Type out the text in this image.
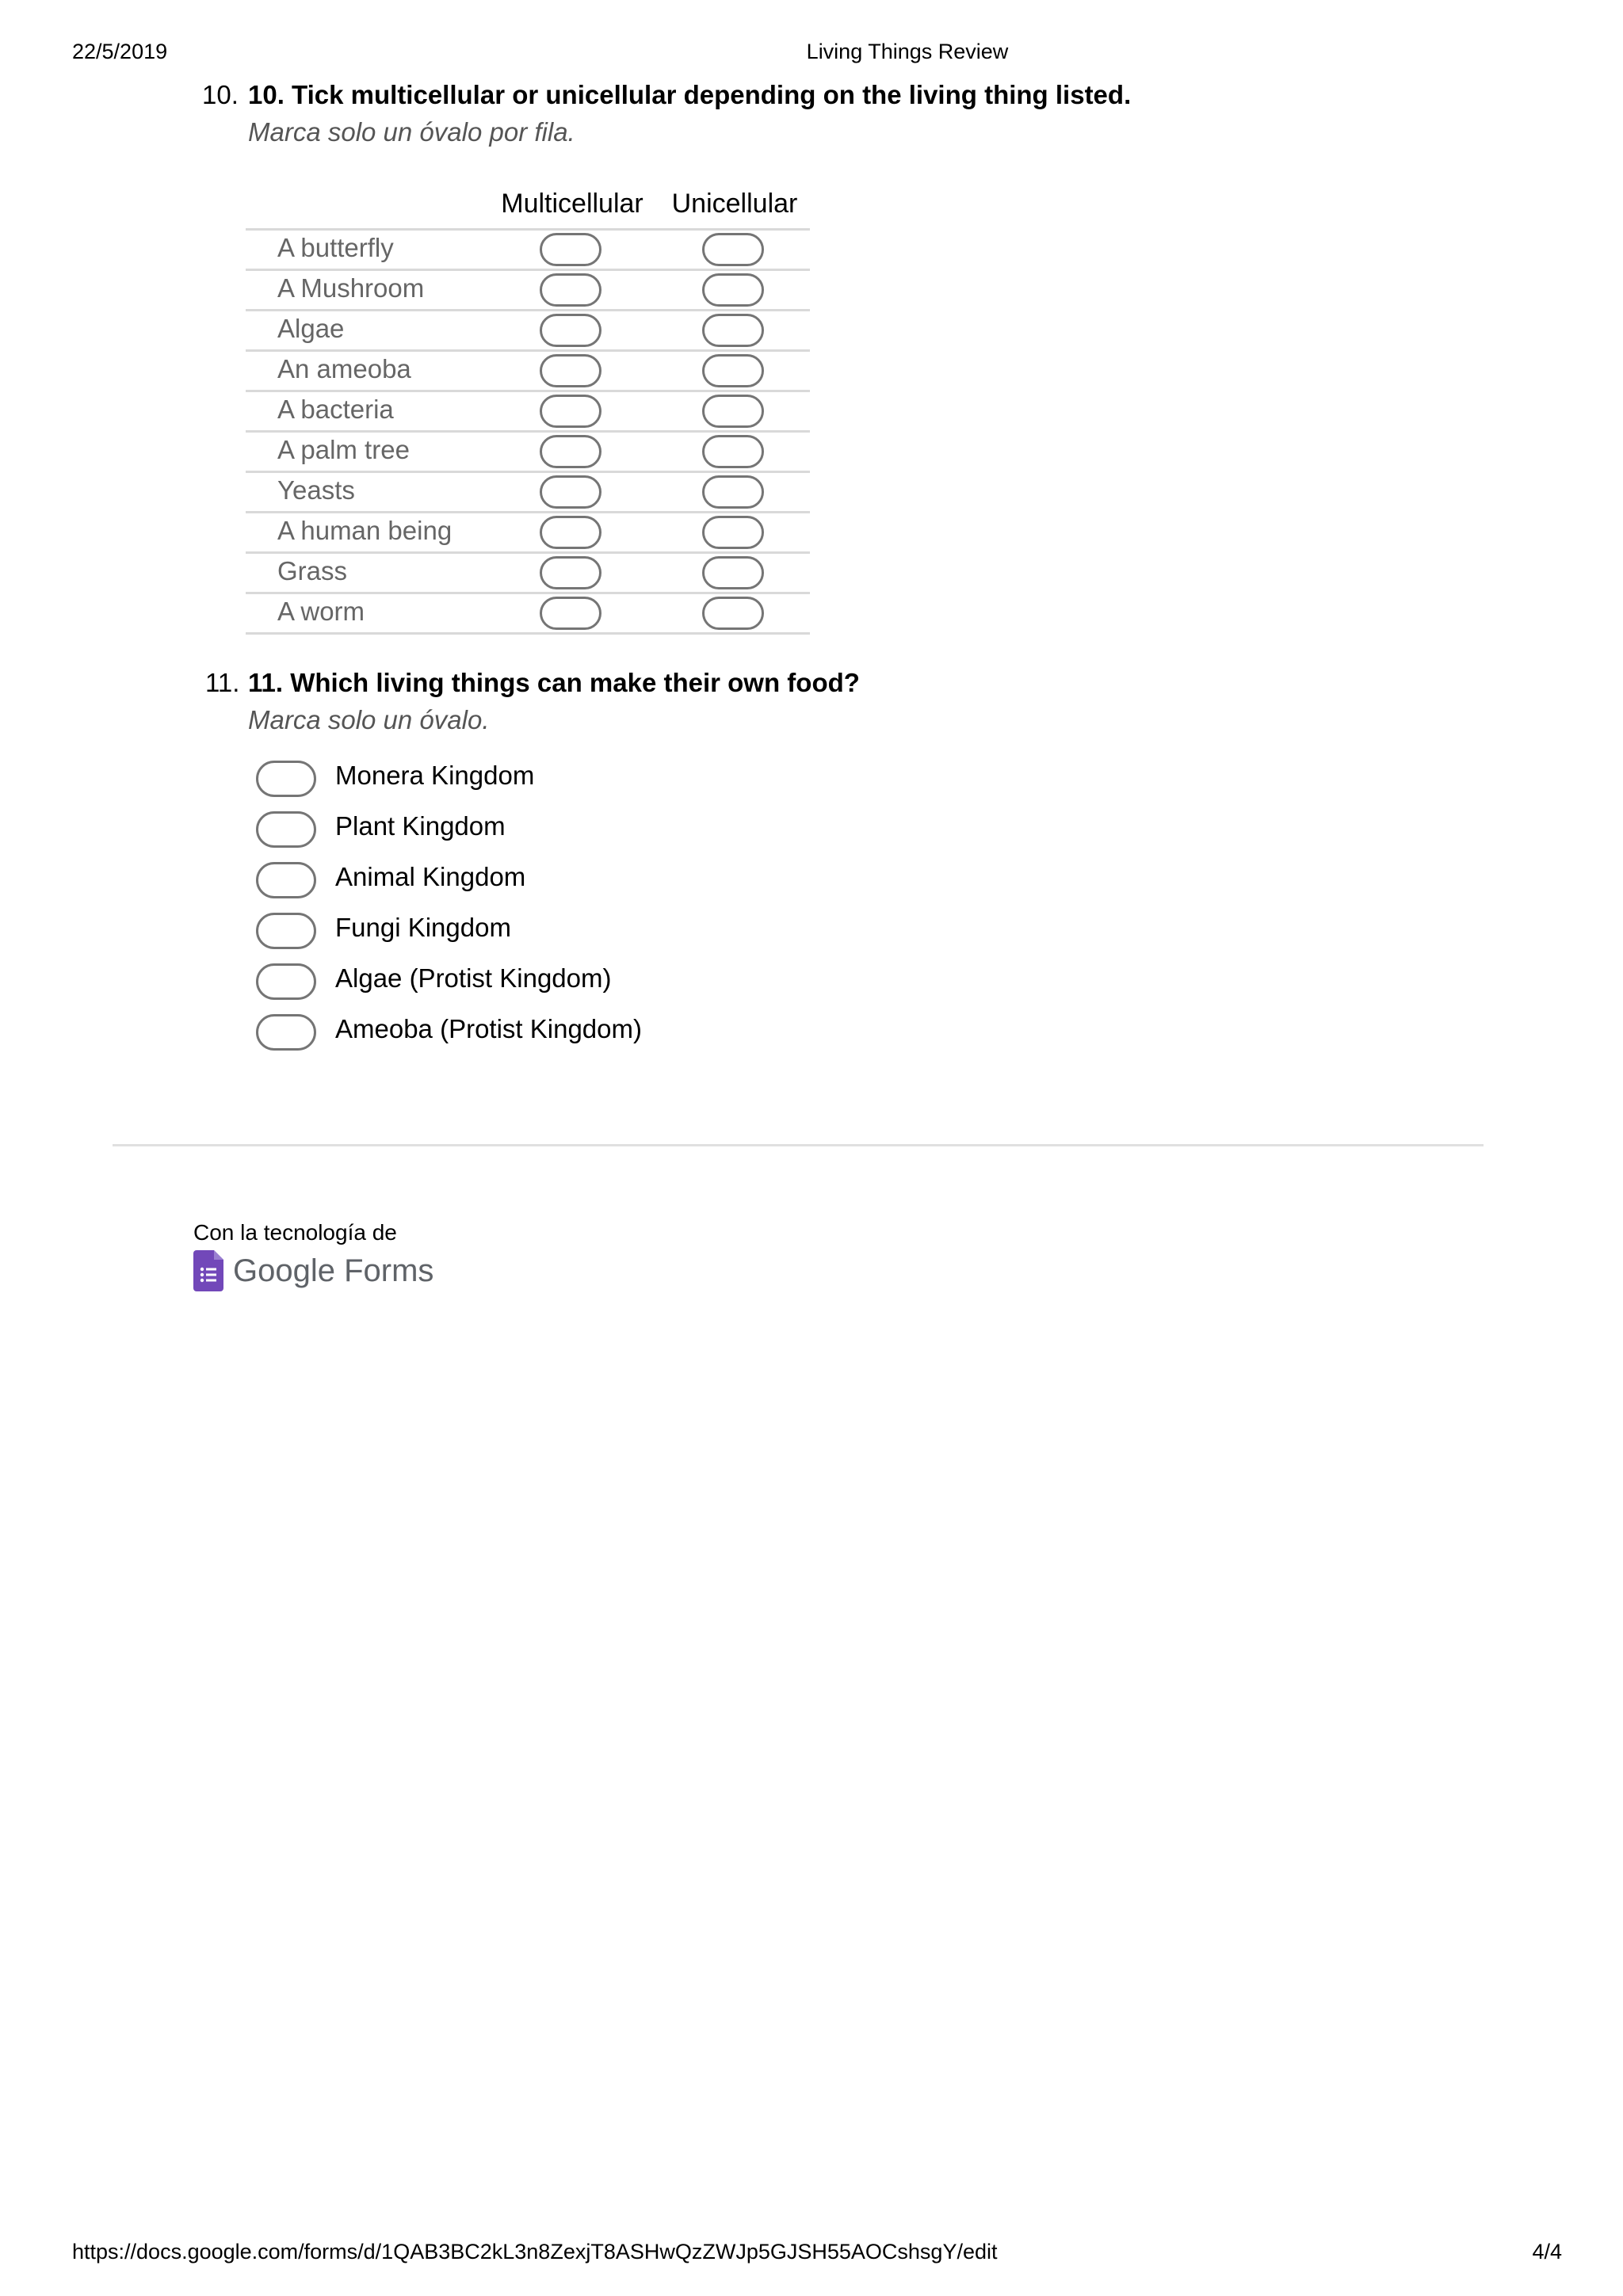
22/5/2019	Living Things Review
10. 10. Tick multicellular or unicellular depending on the living thing listed.
Marca solo un óvalo por fila.
Multicellular	Unicellular
A butterfly
A Mushroom
Algae
An ameoba
A bacteria
A palm tree
Yeasts
A human being
Grass
A worm
11. 11. Which living things can make their own food?
Marca solo un óvalo.
Monera Kingdom
Plant Kingdom
Animal Kingdom
Fungi Kingdom
Algae (Protist Kingdom)
Ameoba (Protist Kingdom)
Con la tecnología de
Google Forms
https://docs.google.com/forms/d/1QAB3BC2kL3n8ZexjT8ASHwQzZWJp5GJSH55AOCshsgY/edit	4/4
